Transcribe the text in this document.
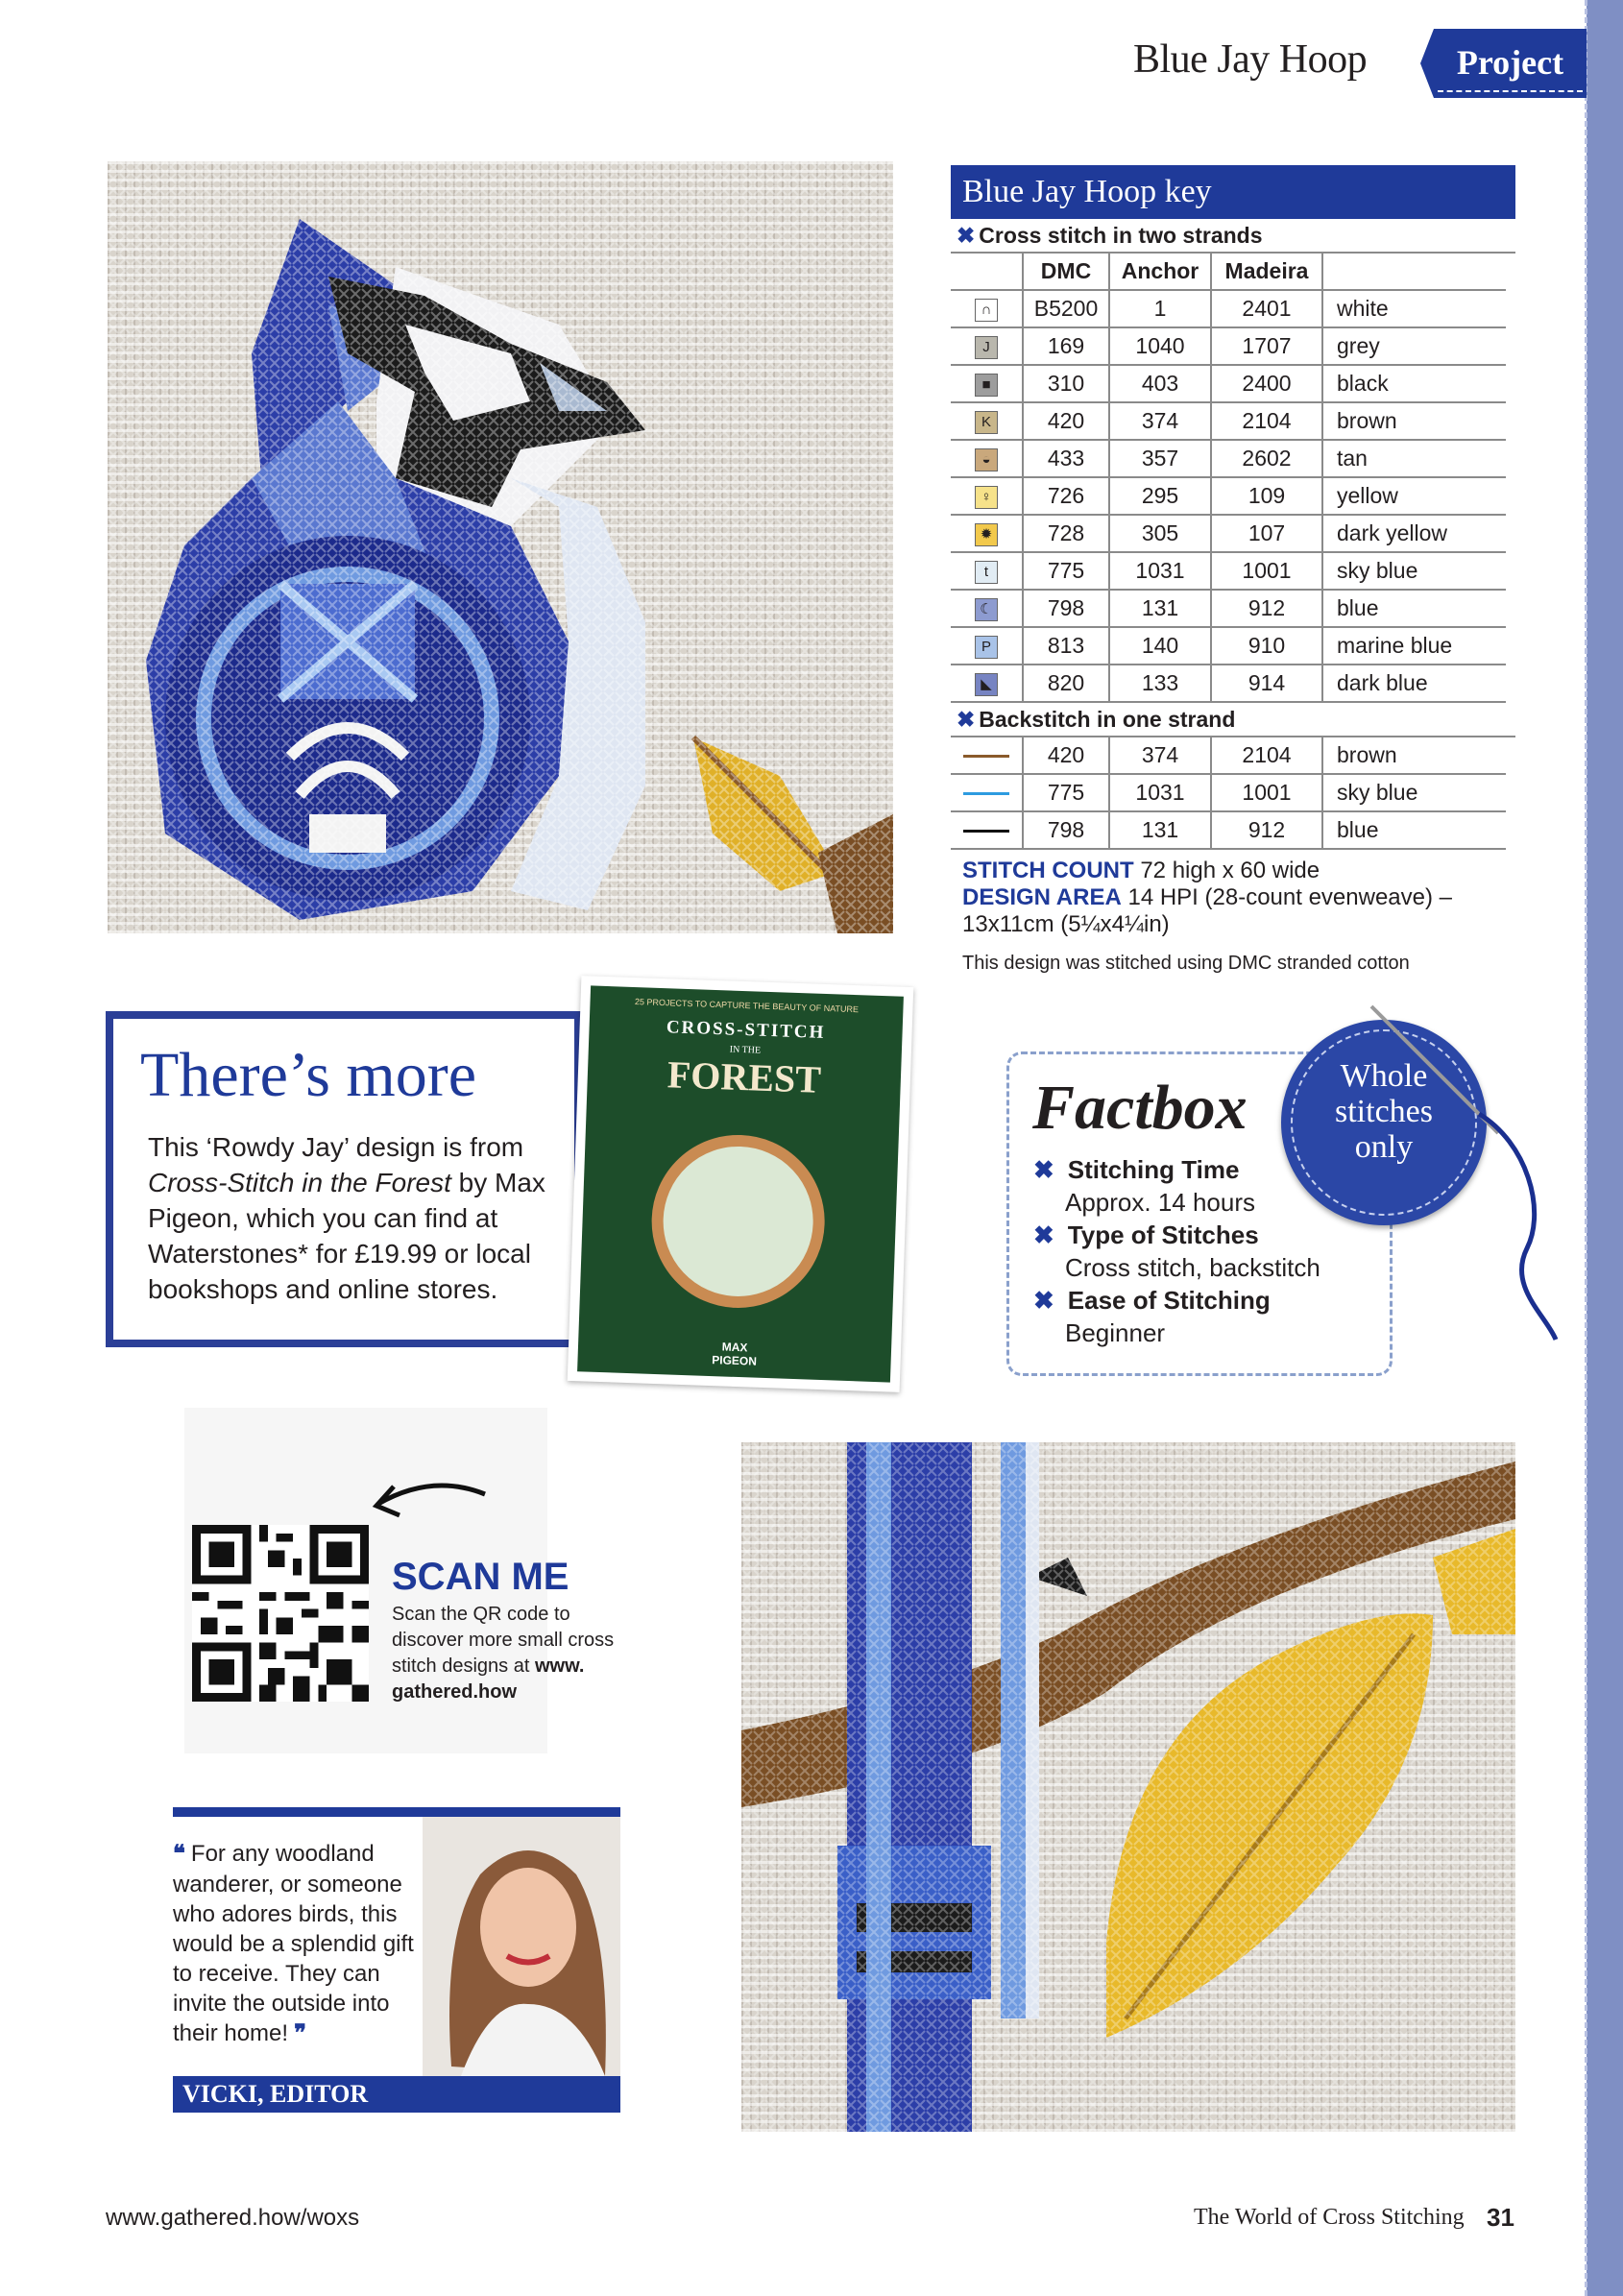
Blue Jay Hoop	Project
Blue Jay Hoop key
✖ Cross stitch in two strands
	DMC	Anchor	Madeira	
∩	B5200	1	2401	white
J	169	1040	1707	grey
■	310	403	2400	black
K	420	374	2104	brown
◒	433	357	2602	tan
♀	726	295	109	yellow
✹	728	305	107	dark yellow
t	775	1031	1001	sky blue
☾	798	131	912	blue
P	813	140	910	marine blue
◣	820	133	914	dark blue
✖ Backstitch in one strand
	420	374	2104	brown
	775	1031	1001	sky blue
	798	131	912	blue
STITCH COUNT 72 high x 60 wide
DESIGN AREA 14 HPI (28-count evenweave) – 13x11cm (5¼x4¼in)
This design was stitched using DMC stranded cotton
There’s more
This ‘Rowdy Jay’ design is from Cross-Stitch in the Forest by Max Pigeon, which you can find at Waterstones* for £19.99 or local bookshops and online stores.
25 PROJECTS TO CAPTURE THE BEAUTY OF NATURE
CROSS-STITCH
IN THE
FOREST
MAX
PIGEON
Factbox
✖ Stitching Time
Approx. 14 hours
✖ Type of Stitches
Cross stitch, backstitch
✖ Ease of Stitching
Beginner
Whole
stitches
only
SCAN ME
Scan the QR code to discover more small cross stitch designs at www. gathered.how
❝ For any woodland wanderer, or someone who adores birds, this would be a splendid gift to receive. They can invite the outside into their home! ❞
VICKI, EDITOR
www.gathered.how/woxs	The World of Cross Stitching 31
